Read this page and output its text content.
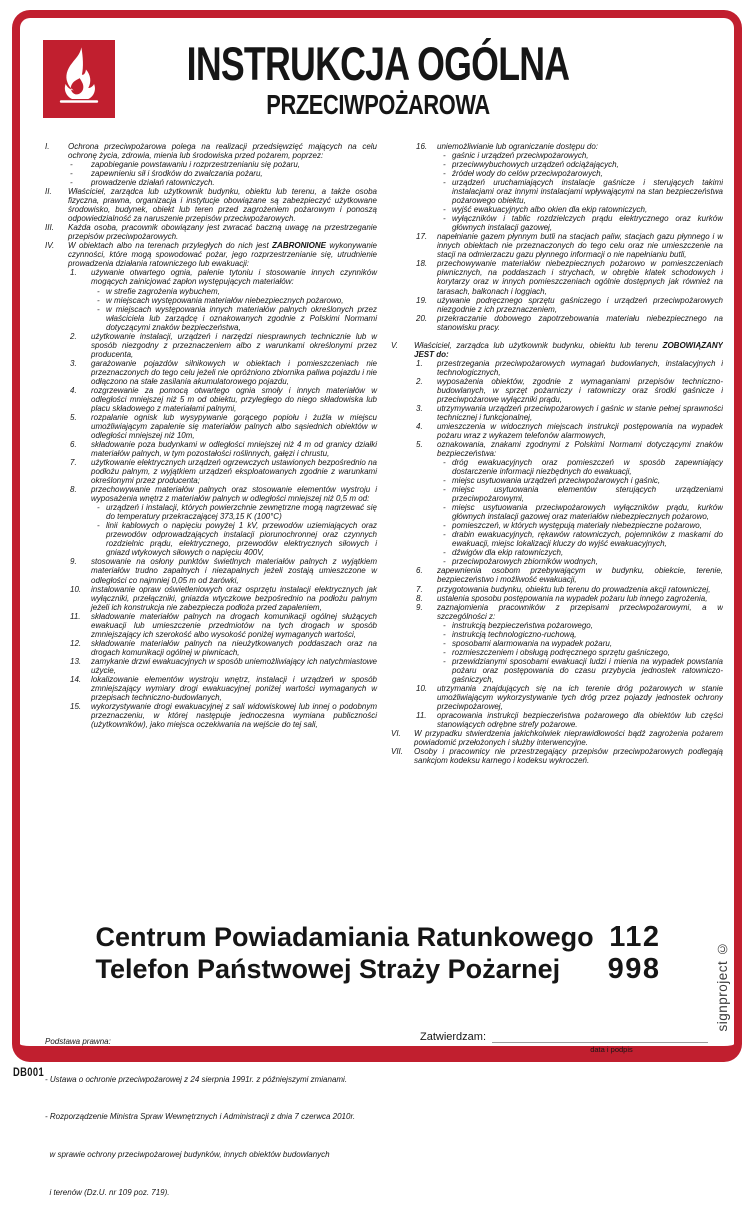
INSTRUKCJA OGÓLNA
PRZECIWPOŻAROWA
I.	Ochrona przeciwpożarowa polega na realizacji przedsięwzięć mających na celu ochronę życia, zdrowia, mienia lub środowiska przed pożarem, poprzez:
-	zapobieganie powstawaniu i rozprzestrzenianiu się pożaru,
-	zapewnieniu sił i środków do zwalczania pożaru,
-	prowadzenie działań ratowniczych.
II.	Właściciel, zarządca lub użytkownik budynku, obiektu lub terenu, a także osoba fizyczna, prawna, organizacja i instytucje obowiązane są zabezpieczyć użytkowane środowisko, budynek, obiekt lub teren przed zagrożeniem pożarowym i ponoszą odpowiedzialność za naruszenie przepisów przeciwpożarowych.
III.	Każda osoba, pracownik obowiązany jest zwracać baczną uwagę na przestrzeganie przepisów przeciwpożarowych.
IV.	W obiektach albo na terenach przyległych do nich jest ZABRONIONE wykonywanie czynności, które mogą spowodować pożar, jego rozprzestrzenianie się, utrudnienie prowadzenia działania ratowniczego lub ewakuacji:
1.	używanie otwartego ognia, palenie tytoniu i stosowanie innych czynników mogących zainicjować zapłon występujących materiałów:
- w strefie zagrożenia wybuchem,
- w miejscach występowania materiałów niebezpiecznych pożarowo,
- w miejscach występowania innych materiałów palnych określonych przez właściciela lub zarządcę i oznakowanych zgodnie z Polskimi Normami dotyczącymi znaków bezpieczeństwa,
2.	użytkowanie instalacji, urządzeń i narzędzi niesprawnych technicznie lub w sposób niezgodny z przeznaczeniem albo z warunkami określonymi przez producenta,
3.	garażowanie pojazdów silnikowych w obiektach i pomieszczeniach nie przeznaczonych do tego celu jeżeli nie opróżniono zbiornika paliwa pojazdu i nie odłączono na stałe zasilania akumulatorowego pojazdu,
4.	rozgrzewanie za pomocą otwartego ognia smoły i innych materiałów w odległości mniejszej niż 5 m od obiektu, przyległego do niego składowiska lub placu składowego z materiałami palnymi,
5.	rozpalanie ognisk lub wysypywanie gorącego popiołu i żużla w miejscu umożliwiającym zapalenie się materiałów palnych albo sąsiednich obiektów w odległości mniejszej niż 10m,
6.	składowanie poza budynkami w odległości mniejszej niż 4 m od granicy działki materiałów palnych, w tym pozostałości roślinnych, gałęzi i chrustu,
7.	użytkowanie elektrycznych urządzeń ogrzewczych ustawionych bezpośrednio na podłożu palnym, z wyjątkiem urządzeń eksploatowanych zgodnie z warunkami określonymi przez producenta;
8.	przechowywanie materiałów palnych oraz stosowanie elementów wystroju i wyposażenia wnętrz z materiałów palnych w odległości mniejszej niż 0,5 m od:
- urządzeń i instalacji, których powierzchnie zewnętrzne mogą nagrzewać się do temperatury przekraczającej 373,15 K (100°C)
- linii kablowych o napięciu powyżej 1 kV, przewodów uziemiających oraz przewodów odprowadzających instalacji piorunochronnej oraz czynnych rozdzielnic prądu, elektrycznego, przewodów elektrycznych siłowych i gniazd wtykowych siłowych o napięciu 400V,
9.	stosowanie na osłony punktów świetlnych materiałów palnych z wyjątkiem materiałów trudno zapalnych i niezapalnych jeżeli zostają umieszczone w odległości co najmniej 0,05 m od żarówki,
10.	instalowanie opraw oświetleniowych oraz osprzętu instalacji elektrycznych jak wyłączniki, przełączniki, gniazda wtyczkowe bezpośrednio na podłożu palnym jeżeli ich konstrukcja nie zabezpiecza podłoża przed zapaleniem,
11.	składowanie materiałów palnych na drogach komunikacji ogólnej służących ewakuacji lub umieszczenie przedmiotów na tych drogach w sposób zmniejszający ich szerokość albo wysokość poniżej wymaganych wartości,
12.	składowanie materiałów palnych na nieużytkowanych poddaszach oraz na drogach komunikacji ogólnej w piwnicach,
13.	zamykanie drzwi ewakuacyjnych w sposób uniemożliwiający ich natychmiastowe użycie,
14.	lokalizowanie elementów wystroju wnętrz, instalacji i urządzeń w sposób zmniejszający wymiary drogi ewakuacyjnej poniżej wartości wymaganych w przepisach techniczno-budowlanych,
15.	wykorzystywanie drogi ewakuacyjnej z sali widowiskowej lub innej o podobnym przeznaczeniu, w której następuje jednoczesna wymiana publiczności (użytkowników), jako miejsca oczekiwania na wejście do tej sali,
16.	uniemożliwianie lub ograniczanie dostępu do:
- gaśnic i urządzeń przeciwpożarowych,
- przeciwwybuchowych urządzeń odciążających,
- źródeł wody do celów przeciwpożarowych,
- urządzeń uruchamiających instalacje gaśnicze i sterujących takimi instalacjami oraz innymi instalacjami wpływającymi na stan bezpieczeństwa pożarowego obiektu,
- wyjść ewakuacyjnych albo okien dla ekip ratowniczych,
- wyłączników i tablic rozdzielczych prądu elektrycznego oraz kurków głównych instalacji gazowej,
17.	napełnianie gazem płynnym butli na stacjach paliw, stacjach gazu płynnego i w innych obiektach nie przeznaczonych do tego celu oraz nie umieszczenie na stacji na odmierzaczu gazu płynnego informacji o nie napełnianiu butli,
18.	przechowywanie materiałów niebezpiecznych pożarowo w pomieszczeniach piwnicznych, na poddaszach i strychach, w obrębie klatek schodowych i korytarzy oraz w innych pomieszczeniach ogólnie dostępnych jak również na tarasach, balkonach i loggiach,
19.	używanie podręcznego sprzętu gaśniczego i urządzeń przeciwpożarowych niezgodnie z ich przeznaczeniem,
20.	przekraczanie dobowego zapotrzebowania materiału niebezpiecznego na stanowisku pracy.
V.	Właściciel, zarządca lub użytkownik budynku, obiektu lub terenu ZOBOWIĄZANY JEST do:
1.	przestrzegania przeciwpożarowych wymagań budowlanych, instalacyjnych i technologicznych,
2.	wyposażenia obiektów, zgodnie z wymaganiami przepisów techniczno-budowlanych, w sprzęt pożarniczy i ratowniczy oraz środki gaśnicze i przeciwpożarowe wyłączniki prądu,
3.	utrzymywania urządzeń przeciwpożarowych i gaśnic w stanie pełnej sprawności technicznej i funkcjonalnej,
4.	umieszczenia w widocznych miejscach instrukcji postępowania na wypadek pożaru wraz z wykazem telefonów alarmowych,
5.	oznakowania, znakami zgodnymi z Polskimi Normami dotyczącymi znaków bezpieczeństwa:
- dróg ewakuacyjnych oraz pomieszczeń w sposób zapewniający dostarczenie informacji niezbędnych do ewakuacji,
- miejsc usytuowania urządzeń przeciwpożarowych i gaśnic,
- miejsc usytuowania elementów sterujących urządzeniami przeciwpożarowymi,
- miejsc usytuowania przeciwpożarowych wyłączników prądu, kurków głównych instalacji gazowej oraz materiałów niebezpiecznych pożarowo,
- pomieszczeń, w których występują materiały niebezpieczne pożarowo,
- drabin ewakuacyjnych, rękawów ratowniczych, pojemników z maskami do ewakuacji, miejsc lokalizacji kluczy do wyjść ewakuacyjnych,
- dźwigów dla ekip ratowniczych,
- przeciwpożarowych zbiorników wodnych,
6.	zapewnienia osobom przebywającym w budynku, obiekcie, terenie, bezpieczeństwo i możliwość ewakuacji,
7.	przygotowania budynku, obiektu lub terenu do prowadzenia akcji ratowniczej,
8.	ustalenia sposobu postępowania na wypadek pożaru lub innego zagrożenia,
9.	zaznajomienia pracowników z przepisami przeciwpożarowymi, a w szczególności z:
- instrukcją bezpieczeństwa pożarowego,
- instrukcją technologiczno-ruchową,
- sposobami alarmowania na wypadek pożaru,
- rozmieszczeniem i obsługą podręcznego sprzętu gaśniczego,
- przewidzianymi sposobami ewakuacji ludzi i mienia na wypadek powstania pożaru oraz postępowania do czasu przybycia jednostek ratowniczo-gaśniczych,
10.	utrzymania znajdujących się na ich terenie dróg pożarowych w stanie umożliwiającym wykorzystywanie tych dróg przez pojazdy jednostek ochrony przeciwpożarowej,
11.	opracowania instrukcji bezpieczeństwa pożarowego dla obiektów lub części stanowiących odrębne strefy pożarowe.
VI.	W przypadku stwierdzenia jakichkolwiek nieprawidłowości bądź zagrożenia pożarem powiadomić przełożonych i służby interwencyjne.
VII.	Osoby i pracownicy nie przestrzegający przepisów przeciwpożarowych podlegają sankcjom kodeksu karnego i kodeksu wykroczeń.
Centrum Powiadamiania Ratunkowego 112
Telefon Państwowej Straży Pożarnej 998

Podstawa prawna:

- Ustawa o ochronie przeciwpożarowej z 24 sierpnia 1991r. z późniejszymi zmianami.

- Rozporządzenie Ministra Spraw Wewnętrznych i Administracji z dnia 7 czerwca 2010r.

w sprawie ochrony przeciwpożarowej budynków, innych obiektów budowlanych

i terenów (Dz.U. nr 109 poz. 719).

Zatwierdzam:
data i podpis
signproject ©
DB001
